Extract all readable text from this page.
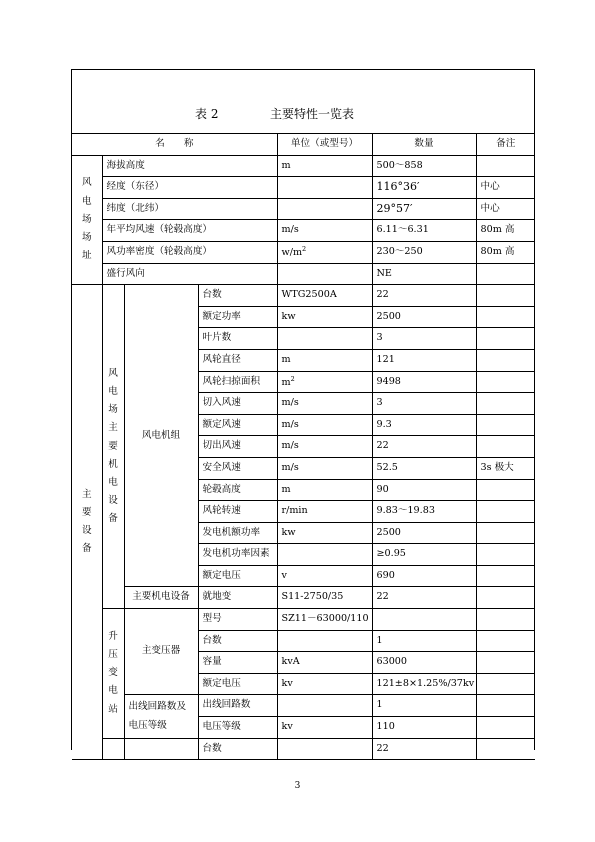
表 2	主要特性一览表
名　　称				单位（或型号）	数量	备注
风电场场址	海拔高度			m	500～858	
	经度（东径）				116°36′	中心
	纬度（北纬）				29°57′	中心
	年平均风速（轮毂高度）			m/s	6.11～6.31	80m 高
	风功率密度（轮毂高度）			$w/m^2$	230～250	80m 高
	盛行风向				NE	
主要设备	风电场主要机电设备	风电机组	台数	WTG2500A	22	
			额定功率	kw	2500	
			叶片数		3	
			风轮直径	m	121	
			风轮扫掠面积	$m^2$	9498	
			切入风速	m/s	3	
			额定风速	m/s	9.3	
			切出风速	m/s	22	
			安全风速	m/s	52.5	3s 极大
			轮毂高度	m	90	
			风轮转速	r/min	9.83～19.83	
			发电机额功率	kw	2500	
			发电机功率因素		≥0.95	
			额定电压	v	690	
		主要机电设备	就地变	S11-2750/35	22	
	升压变电站	主变压器	型号	SZ11－63000/110		
			台数		1	
			容量	kvA	63000	
			额定电压	kv	121±8×1.25%/37kv	
		出线回路数及电压等级	出线回路数		1	
			电压等级	kv	110	
			台数		22	
3
